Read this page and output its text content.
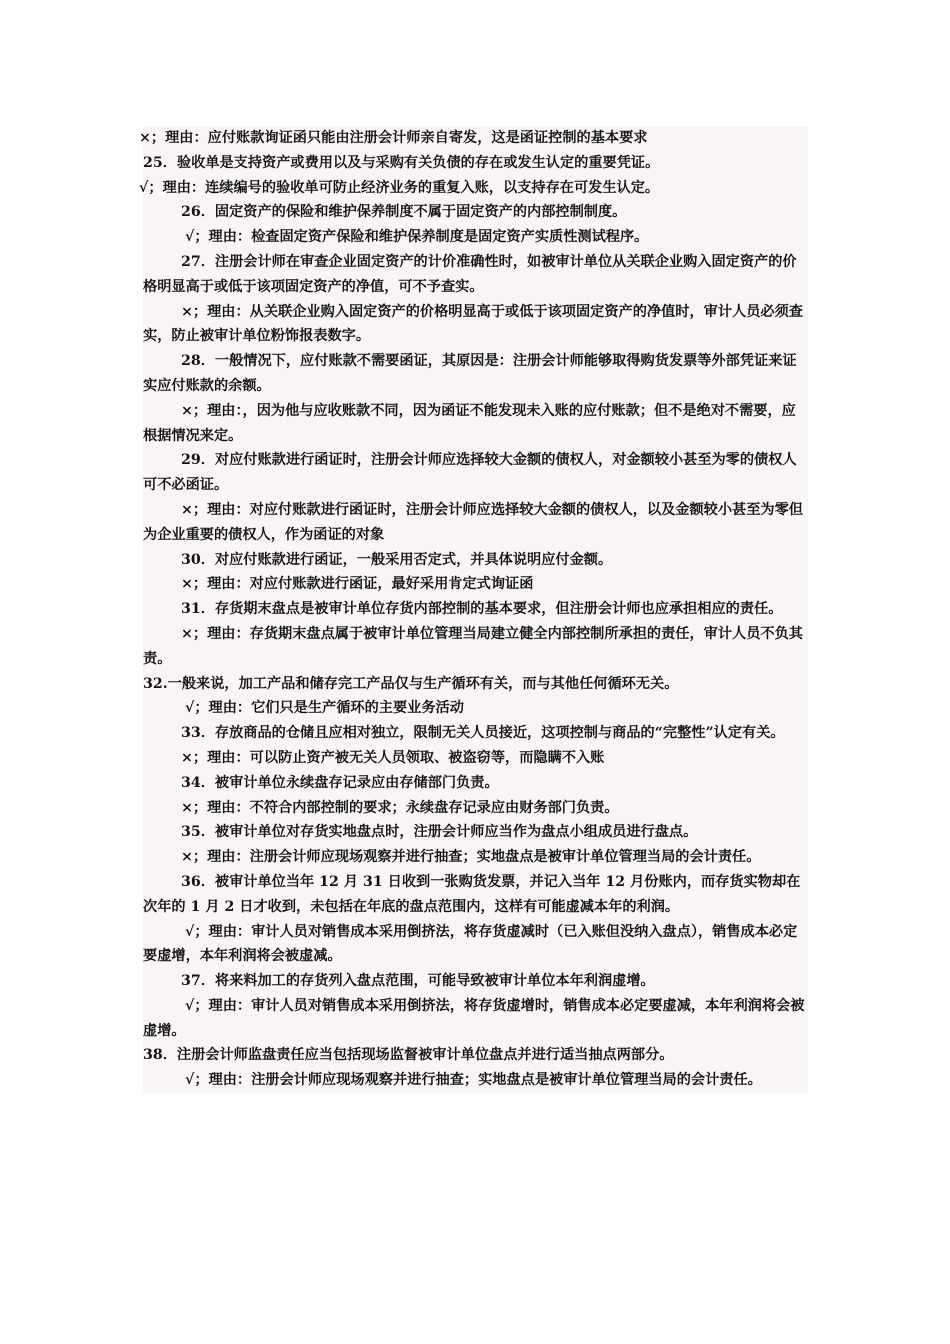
×；理由：应付账款询证函只能由注册会计师亲自寄发，这是函证控制的基本要求

25．验收单是支持资产或费用以及与采购有关负债的存在或发生认定的重要凭证。

√；理由：连续编号的验收单可防止经济业务的重复入账，以支持存在可发生认定。

26．固定资产的保险和维护保养制度不属于固定资产的内部控制制度。

√；理由：检查固定资产保险和维护保养制度是固定资产实质性测试程序。

27．注册会计师在审查企业固定资产的计价准确性时，如被审计单位从关联企业购入固定资产的价格明显高于或低于该项固定资产的净值，可不予查实。

×；理由：从关联企业购入固定资产的价格明显高于或低于该项固定资产的净值时，审计人员必须查实，防止被审计单位粉饰报表数字。

28．一般情况下，应付账款不需要函证，其原因是：注册会计师能够取得购货发票等外部凭证来证实应付账款的余额。

×；理由：，因为他与应收账款不同，因为函证不能发现未入账的应付账款；但不是绝对不需要，应根据情况来定。

29．对应付账款进行函证时，注册会计师应选择较大金额的债权人，对金额较小甚至为零的债权人可不必函证。

×；理由：对应付账款进行函证时，注册会计师应选择较大金额的债权人，以及金额较小甚至为零但为企业重要的债权人，作为函证的对象

30．对应付账款进行函证，一般采用否定式，并具体说明应付金额。

×；理由：对应付账款进行函证，最好采用肯定式询证函

31．存货期末盘点是被审计单位存货内部控制的基本要求，但注册会计师也应承担相应的责任。

×；理由：存货期末盘点属于被审计单位管理当局建立健全内部控制所承担的责任，审计人员不负其责。

32.一般来说，加工产品和储存完工产品仅与生产循环有关，而与其他任何循环无关。

√；理由：它们只是生产循环的主要业务活动

33．存放商品的仓储且应相对独立，限制无关人员接近，这项控制与商品的“完整性”认定有关。

×；理由：可以防止资产被无关人员领取、被盗窃等，而隐瞒不入账

34．被审计单位永续盘存记录应由存储部门负责。

×；理由：不符合内部控制的要求；永续盘存记录应由财务部门负责。

35．被审计单位对存货实地盘点时，注册会计师应当作为盘点小组成员进行盘点。

×；理由：注册会计师应现场观察并进行抽查；实地盘点是被审计单位管理当局的会计责任。

36．被审计单位当年 12 月 31 日收到一张购货发票，并记入当年 12 月份账内，而存货实物却在次年的 1 月 2 日才收到，未包括在年底的盘点范围内，这样有可能虚减本年的利润。

√；理由：审计人员对销售成本采用倒挤法，将存货虚减时（已入账但没纳入盘点），销售成本必定要虚增，本年利润将会被虚减。

37．将来料加工的存货列入盘点范围，可能导致被审计单位本年利润虚增。

√；理由：审计人员对销售成本采用倒挤法，将存货虚增时，销售成本必定要虚减，本年利润将会被虚增。

38．注册会计师监盘责任应当包括现场监督被审计单位盘点并进行适当抽点两部分。

√；理由：注册会计师应现场观察并进行抽查；实地盘点是被审计单位管理当局的会计责任。
